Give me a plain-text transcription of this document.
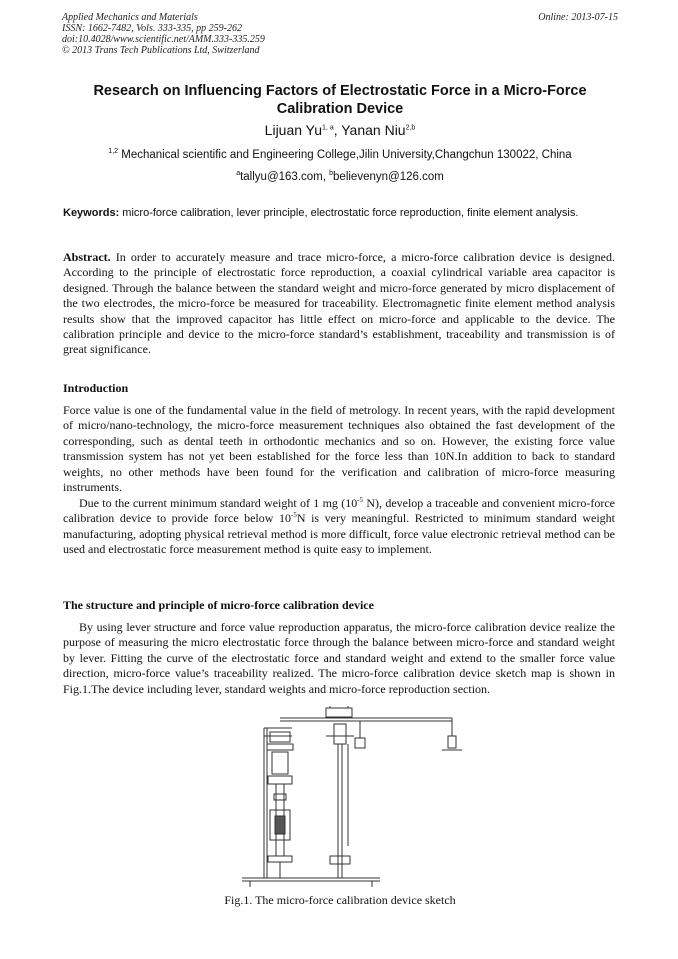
Applied Mechanics and Materials
ISSN: 1662-7482, Vols. 333-335, pp 259-262
doi:10.4028/www.scientific.net/AMM.333-335.259
© 2013 Trans Tech Publications Ltd, Switzerland
Online: 2013-07-15
Research on Influencing Factors of Electrostatic Force in a Micro-Force
Calibration Device
Lijuan Yu$^{1, a}$, Yanan Niu$^{2,b}$
$^{1,2}$ Mechanical scientific and Engineering College,Jilin University,Changchun 130022, China
$^a$tallyu@163.com, $^b$believenyn@126.com
Keywords: micro-force calibration, lever principle, electrostatic force reproduction, finite element analysis.
Abstract. In order to accurately measure and trace micro-force, a micro-force calibration device is designed. According to the principle of electrostatic force reproduction, a coaxial cylindrical variable area capacitor is designed. Through the balance between the standard weight and micro-force generated by micro displacement of the two electrodes, the micro-force be measured for traceability. Electromagnetic finite element method analysis results show that the improved capacitor has little effect on micro-force and applicable to the device. The calibration principle and device to the micro-force standard’s establishment, traceability and transmission is of great significance.
Introduction

Force value is one of the fundamental value in the field of metrology. In recent years, with the rapid development of micro/nano-technology, the micro-force measurement techniques also obtained the fast development of the corresponding, such as dental teeth in orthodontic mechanics and so on. However, the existing force value transmission system has not yet been established for the force less than 10N.In addition to back to standard weights, no other methods have been found for the verification and calibration of micro-force measuring instruments.

Due to the current minimum standard weight of 1 mg ($10^{-5}$ N), develop a traceable and convenient micro-force calibration device to provide force below $10^{-5}N$ is very meaningful. Restricted to minimum standard weight manufacturing, adopting physical retrieval method is more difficult, force value electronic retrieval method can be used and electrostatic force measurement method is quite easy to implement.

The structure and principle of micro-force calibration device

By using lever structure and force value reproduction apparatus, the micro-force calibration device realize the purpose of measuring the micro electrostatic force through the balance between micro-force and standard weight by lever. Fitting the curve of the electrostatic force and standard weight and extend to the smaller force value direction, micro-force value’s traceability realized. The micro-force calibration device sketch map is shown in Fig.1.The device including lever, standard weights and micro-force reproduction section.

Fig.1. The micro-force calibration device sketch
